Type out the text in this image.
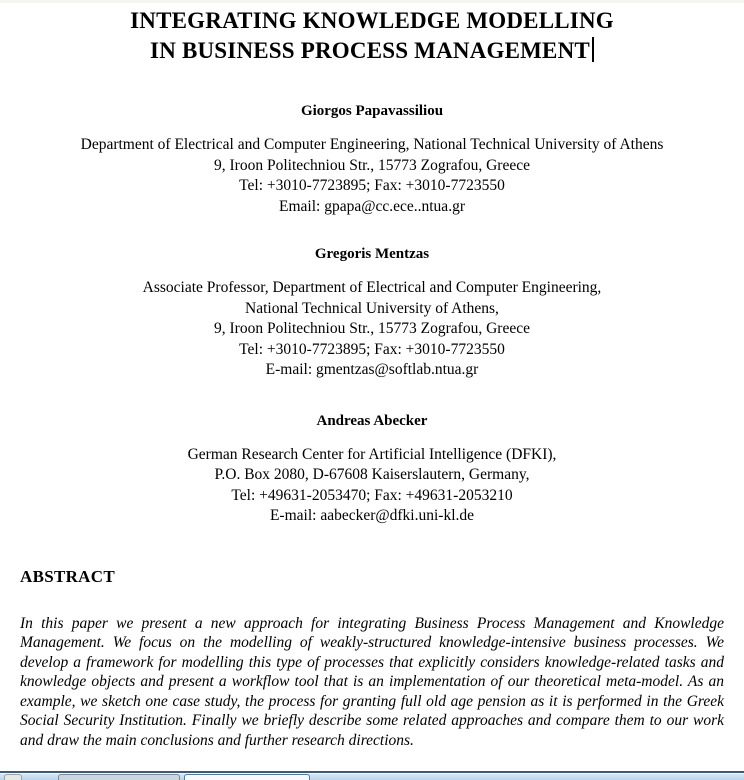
INTEGRATING KNOWLEDGE MODELLING
IN BUSINESS PROCESS MANAGEMENT
Giorgos Papavassiliou
Department of Electrical and Computer Engineering, National Technical University of Athens
9, Iroon Politechniou Str., 15773 Zografou, Greece
Tel: +3010-7723895; Fax: +3010-7723550
Email: gpapa@cc.ece..ntua.gr
Gregoris Mentzas
Associate Professor, Department of Electrical and Computer Engineering,
National Technical University of Athens,
9, Iroon Politechniou Str., 15773 Zografou, Greece
Tel: +3010-7723895; Fax: +3010-7723550
E-mail: gmentzas@softlab.ntua.gr
Andreas Abecker
German Research Center for Artificial Intelligence (DFKI),
P.O. Box 2080, D-67608 Kaiserslautern, Germany,
Tel: +49631-2053470; Fax: +49631-2053210
E-mail: aabecker@dfki.uni-kl.de
ABSTRACT

In this paper we present a new approach for integrating Business Process Management and Knowledge Management. We focus on the modelling of weakly-structured knowledge-intensive business processes. We develop a framework for modelling this type of processes that explicitly considers knowledge-related tasks and knowledge objects and present a workflow tool that is an implementation of our theoretical meta-model. As an example, we sketch one case study, the process for granting full old age pension as it is performed in the Greek Social Security Institution. Finally we briefly describe some related approaches and compare them to our work and draw the main conclusions and further research directions.
